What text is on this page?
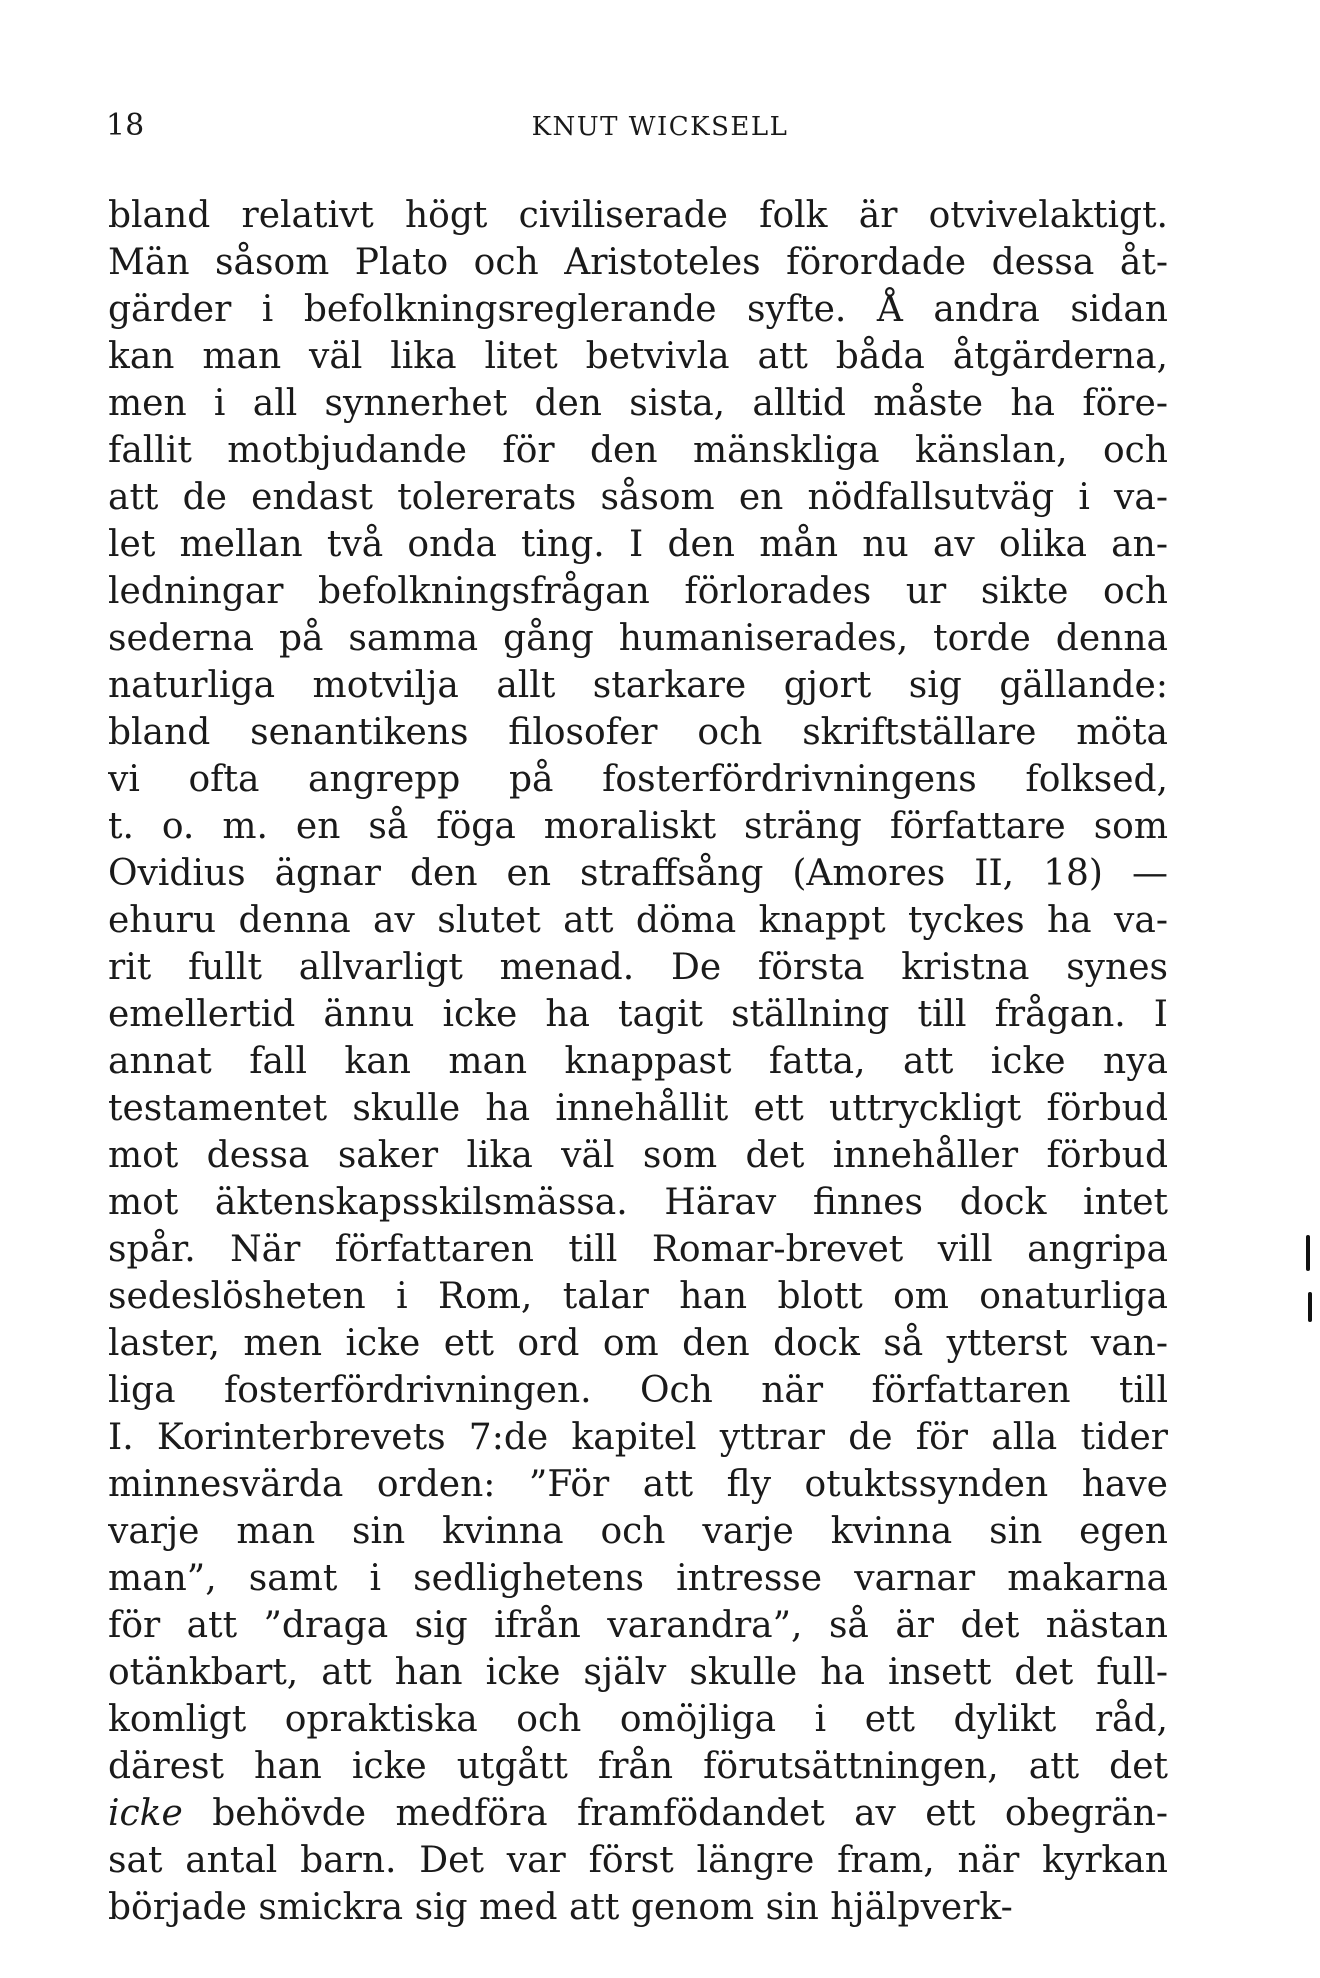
18	KNUT WICKSELL
bland relativt högt civiliserade folk är otvivelaktigt.
Män såsom Plato och Aristoteles förordade dessa åt-
gärder i befolkningsreglerande syfte. Å andra sidan
kan man väl lika litet betvivla att båda åtgärderna,
men i all synnerhet den sista, alltid måste ha före-
fallit motbjudande för den mänskliga känslan, och
att de endast tolererats såsom en nödfallsutväg i va-
let mellan två onda ting. I den mån nu av olika an-
ledningar befolkningsfrågan förlorades ur sikte och
sederna på samma gång humaniserades, torde denna
naturliga motvilja allt starkare gjort sig gällande:
bland senantikens filosofer och skriftställare möta
vi ofta angrepp på fosterfördrivningens folksed,
t. o. m. en så föga moraliskt sträng författare som
Ovidius ägnar den en straffsång (Amores II, 18) —
ehuru denna av slutet att döma knappt tyckes ha va-
rit fullt allvarligt menad. De första kristna synes
emellertid ännu icke ha tagit ställning till frågan. I
annat fall kan man knappast fatta, att icke nya
testamentet skulle ha innehållit ett uttryckligt förbud
mot dessa saker lika väl som det innehåller förbud
mot äktenskapsskilsmässa. Härav finnes dock intet
spår. När författaren till Romar-brevet vill angripa
sedeslösheten i Rom, talar han blott om onaturliga
laster, men icke ett ord om den dock så ytterst van-
liga fosterfördrivningen. Och när författaren till
I. Korinterbrevets 7:de kapitel yttrar de för alla tider
minnesvärda orden: ”För att fly otuktssynden have
varje man sin kvinna och varje kvinna sin egen
man”, samt i sedlighetens intresse varnar makarna
för att ”draga sig ifrån varandra”, så är det nästan
otänkbart, att han icke själv skulle ha insett det full-
komligt opraktiska och omöjliga i ett dylikt råd,
därest han icke utgått från förutsättningen, att det
icke behövde medföra framfödandet av ett obegrän-
sat antal barn. Det var först längre fram, när kyrkan
började smickra sig med att genom sin hjälpverk-
